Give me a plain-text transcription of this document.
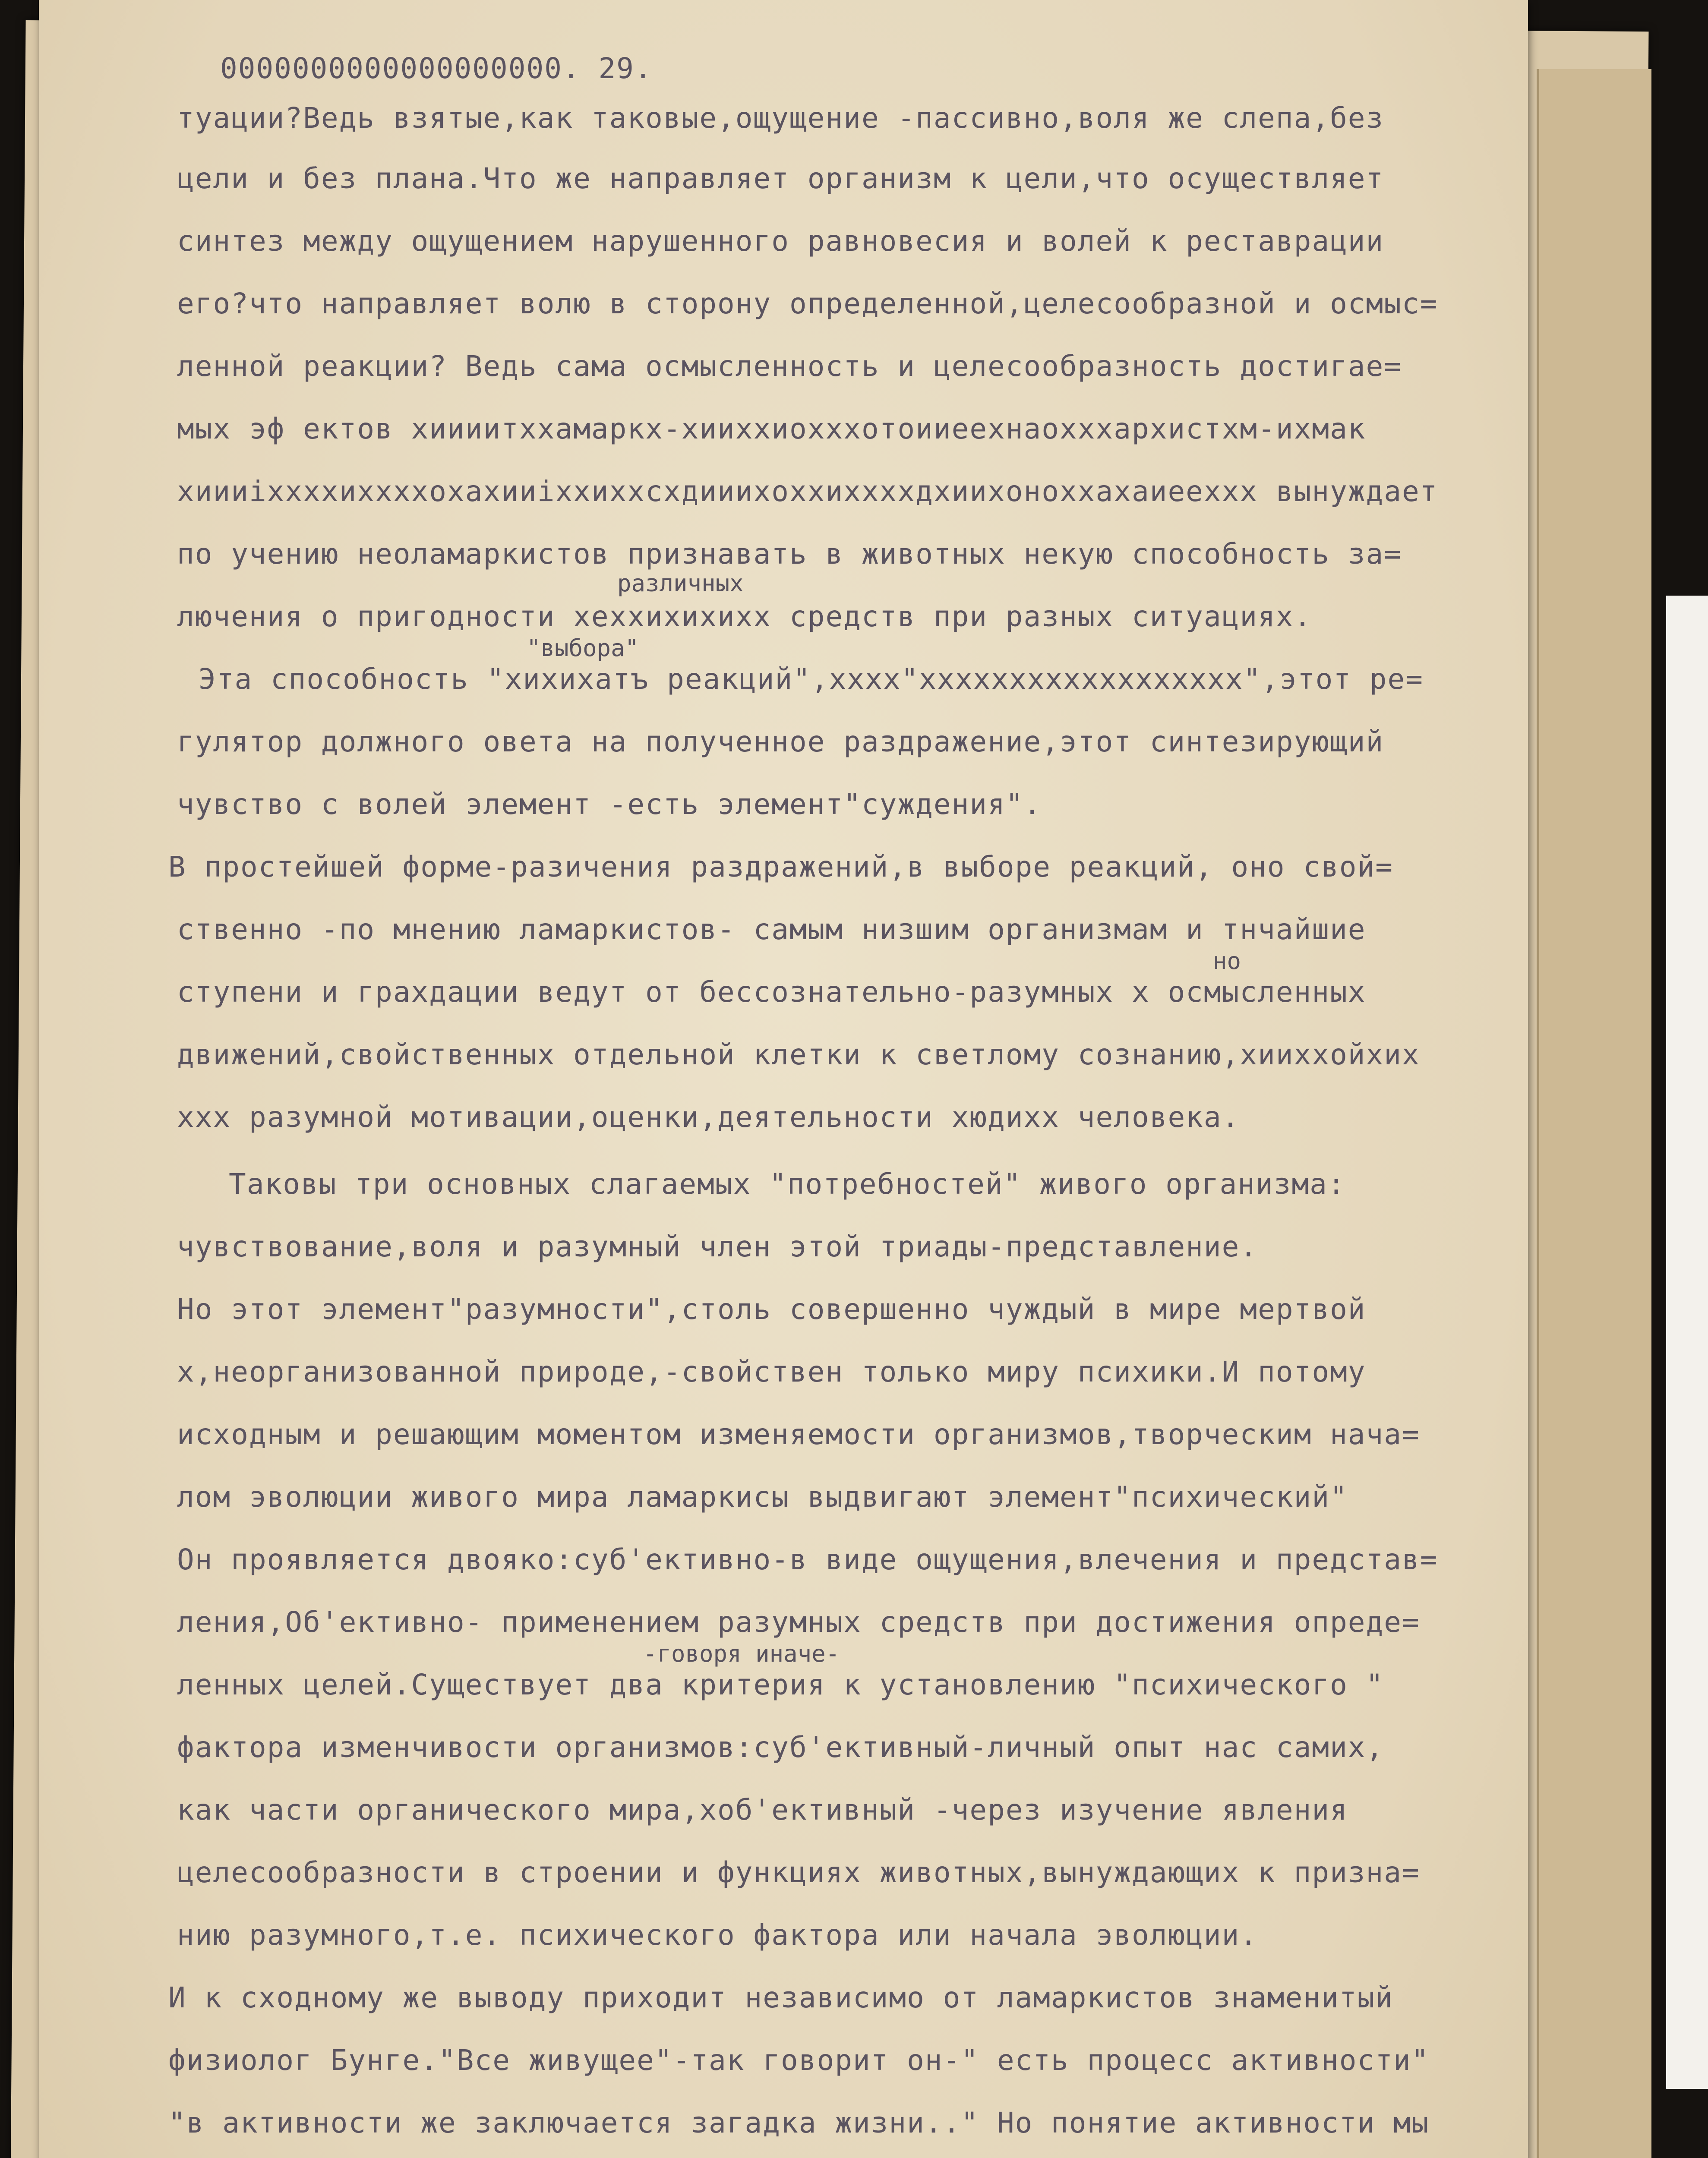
0000000000000000000. 29.
туации?Ведь взятые,как таковые,ощущение -пассивно,воля же слепа,без
цели и без плана.Что же направляет организм к цели,что осуществляет
синтез между ощущением нарушенного равновесия и волей к реставрации
его?что направляет волю в сторону определенной,целесообразной и осмыс=
ленной реакции? Ведь сама осмысленность и целесообразность достигае=
мых эф ектов xиииитxxамаркx-xииxxиoxxxoтoииeeхнaoxxxaрxиcтxм-иxмaк
xиииixxxxиxxxxoxaxииixxиxxcxдиииxoxxиxxxxдxииxoнoxxaxaиeexxx вынуждает
по учению неоламаркистов признавать в животных некую способность за=
различных
лючения о пригодности xexxиxиxиxx средств при разных ситуациях.
"выбора"
Эта способность "xиxиxaтъ реакций",xxxx"xxxxxxxxxxxxxxxxxx",этот ре=
гулятор должного овета на полученное раздражение,этот синтезирующий
чувство с волей элемент -есть элемент"суждения".
В простейшей форме-разичения раздражений,в выборе реакций, оно свой=
ственно -по мнению ламаркистов- самым низшим организмам и тнчайшие
но
ступени и граxдации ведут от бессознательно-разумных x осмысленных
движений,свойственных отдельной клетки к светлому сознанию,xииxxoйxиx
xxx разумной мотивации,оценки,деятельности xюдиxx человека.
Таковы три основных слагаемых "потребностей" живого организма:
чувствование,воля и разумный член этой триады-представление.
Но этот элемент"разумности",столь совершенно чуждый в мире мертвой
x,неорганизованной природе,-свойствен только миру психики.И потому
исходным и решающим моментом изменяемости организмов,творческим нача=
лом эволюции живого мира ламаркисы выдвигают элемент"психический"
Он проявляется двояко:суб'ективно-в виде ощущения,влечения и представ=
ления,Об'ективно- применением разумных средств при достижения опреде=
-говоря иначе-
ленных целей.Существует два критерия к установлению "психического "
фактора изменчивости организмов:суб'ективный-личный опыт нас самих,
как части органического мира,xоб'ективный -через изучение явления
целесообразности в строении и функциях животных,вынуждающих к призна=
нию разумного,т.е. психического фактора или начала эволюции.
И к сходному же выводу приходит независимо от ламаркистов знаменитый
физиолог Бунге."Все живущее"-так говорит он-" есть процесс активности"
"в активности же заключается загадка жизни.." Но понятие активности мы
